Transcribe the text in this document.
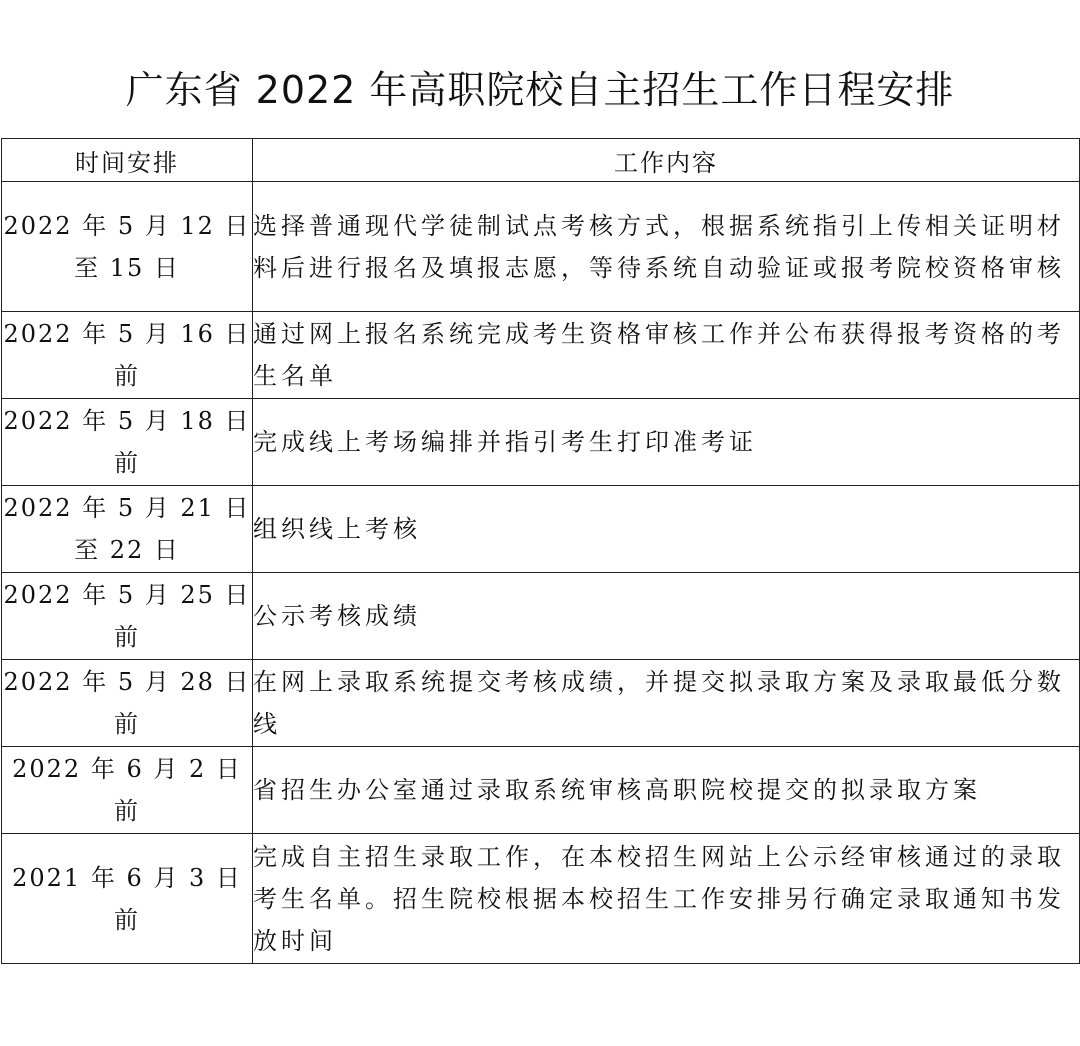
广东省 2022 年高职院校自主招生工作日程安排
时间安排	工作内容

2022 年 5 月 12 日
至 15 日	选择普通现代学徒制试点考核方式，根据系统指引上传相关证明材料后进行报名及填报志愿，等待系统自动验证或报考院校资格审核

2022 年 5 月 16 日
前	通过网上报名系统完成考生资格审核工作并公布获得报考资格的考生名单

2022 年 5 月 18 日
前	完成线上考场编排并指引考生打印准考证

2022 年 5 月 21 日
至 22 日	组织线上考核

2022 年 5 月 25 日
前	公示考核成绩

2022 年 5 月 28 日
前	在网上录取系统提交考核成绩，并提交拟录取方案及录取最低分数线

2022 年 6 月 2 日
前	省招生办公室通过录取系统审核高职院校提交的拟录取方案

2021 年 6 月 3 日
前	完成自主招生录取工作，在本校招生网站上公示经审核通过的录取考生名单。招生院校根据本校招生工作安排另行确定录取通知书发放时间
